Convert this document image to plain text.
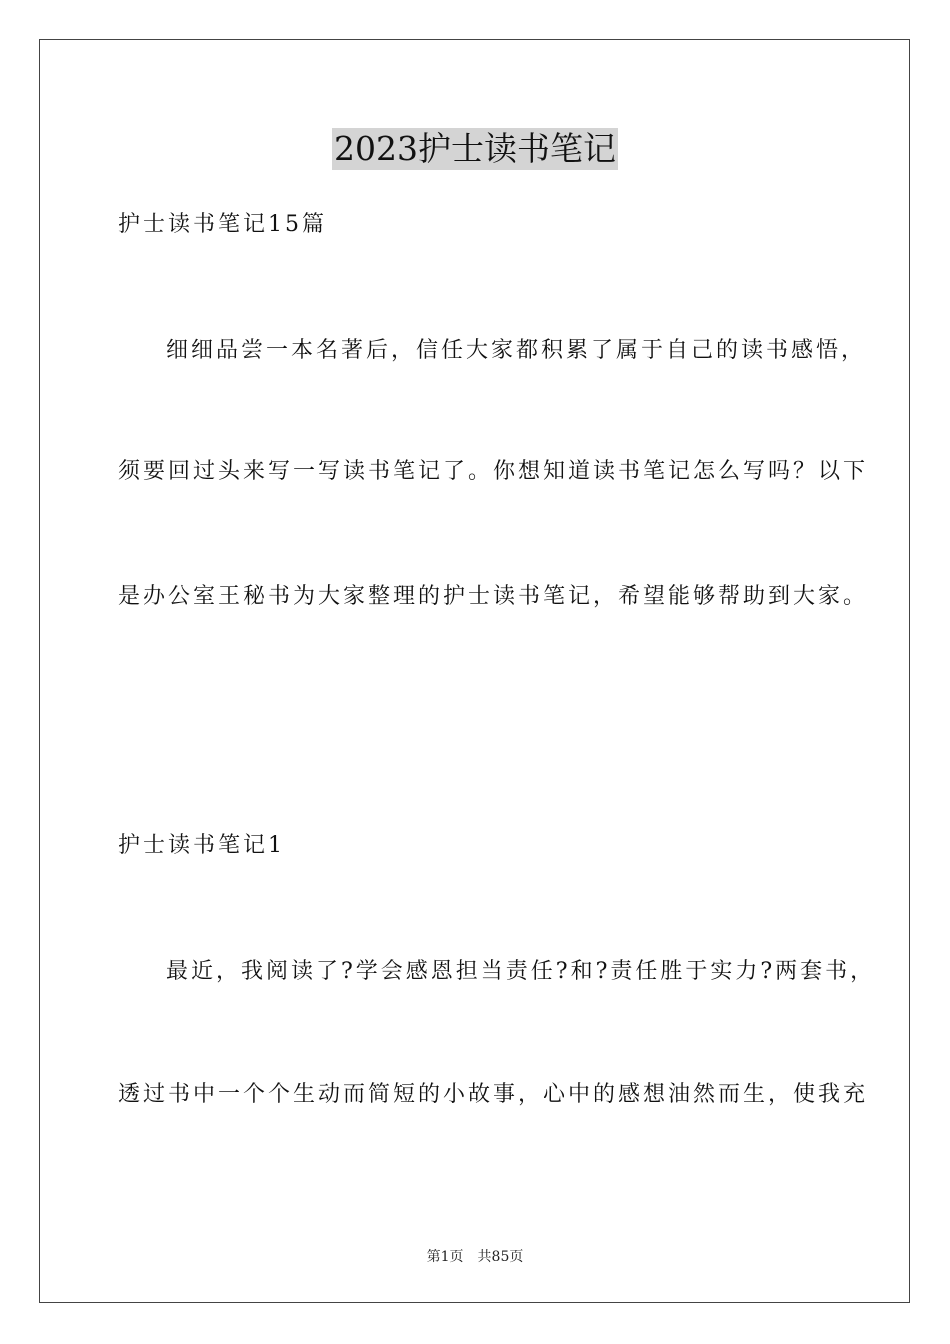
2023护士读书笔记
护士读书笔记15篇
细细品尝一本名著后，信任大家都积累了属于自己的读书感悟，
须要回过头来写一写读书笔记了。你想知道读书笔记怎么写吗？以下
是办公室王秘书为大家整理的护士读书笔记，希望能够帮助到大家。
护士读书笔记1
最近，我阅读了?学会感恩担当责任?和?责任胜于实力?两套书，
透过书中一个个生动而简短的小故事，心中的感想油然而生，使我充
第1页 共85页
